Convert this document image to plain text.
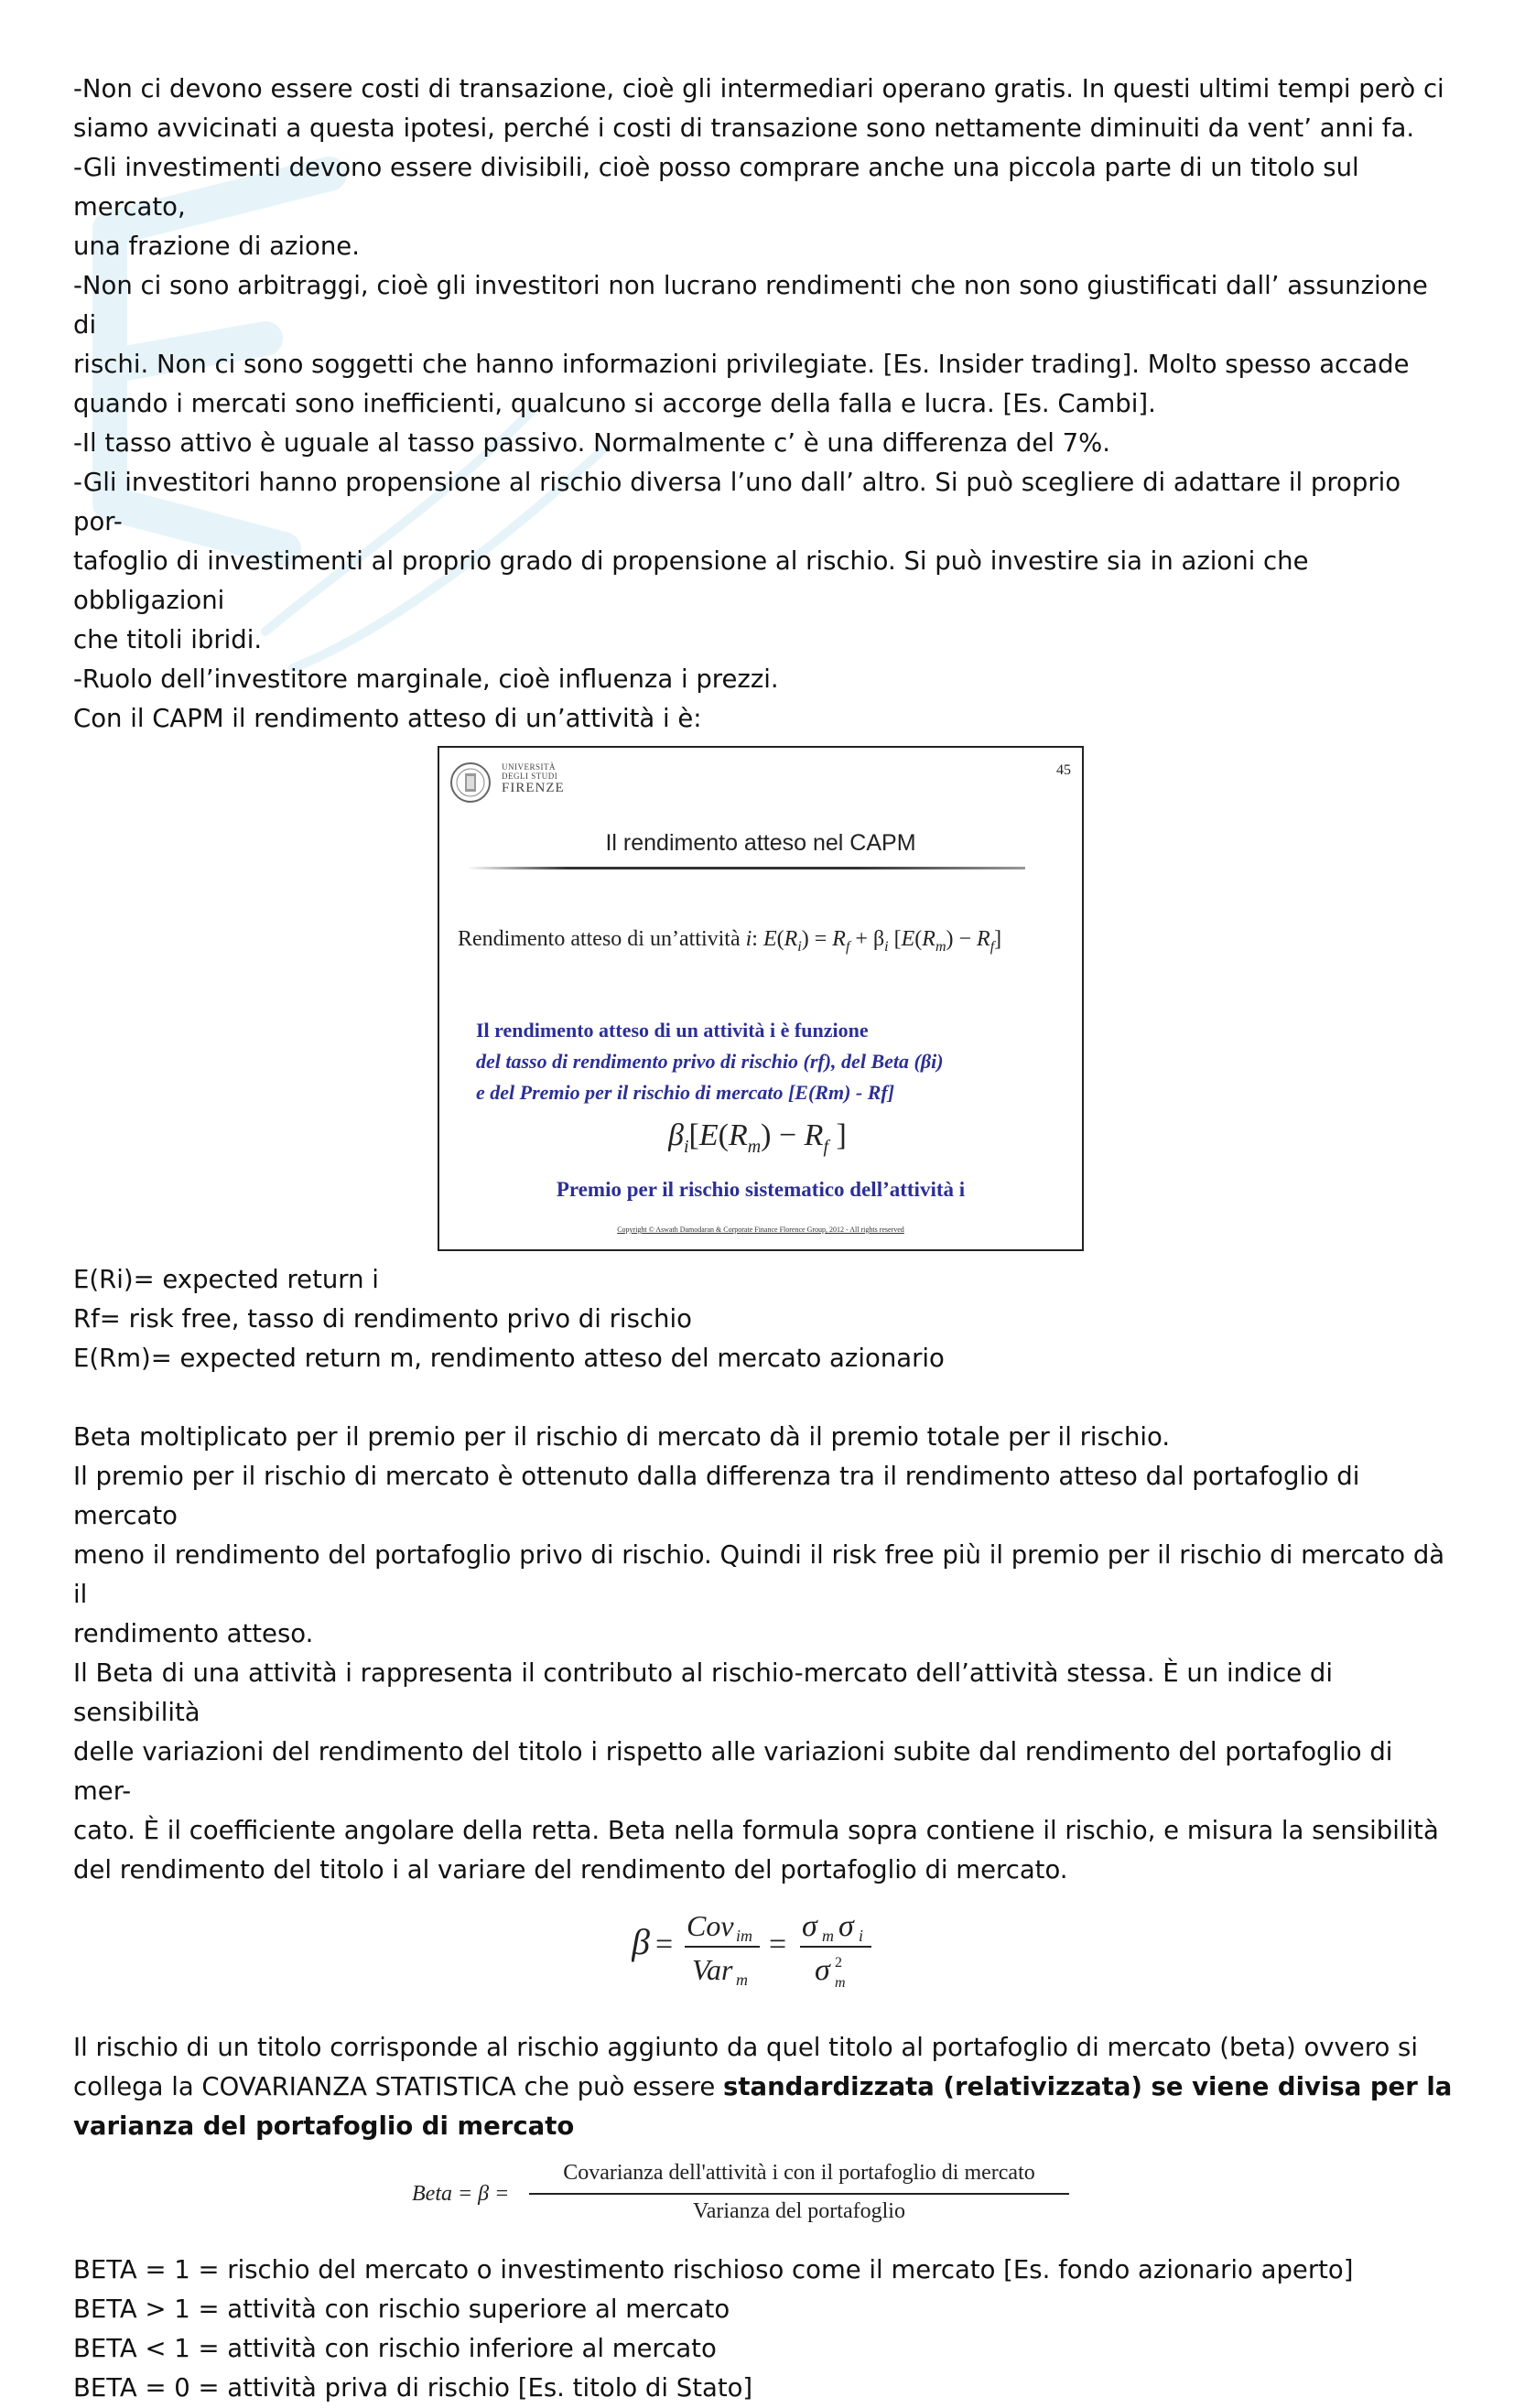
-Non ci devono essere costi di transazione, cioè gli intermediari operano gratis. In questi ultimi tempi però ci

siamo avvicinati a questa ipotesi, perché i costi di transazione sono nettamente diminuiti da vent’ anni fa.

-Gli investimenti devono essere divisibili, cioè posso comprare anche una piccola parte di un titolo sul mercato,

una frazione di azione.

-Non ci sono arbitraggi, cioè gli investitori non lucrano rendimenti che non sono giustificati dall’ assunzione di

rischi. Non ci sono soggetti che hanno informazioni privilegiate. [Es. Insider trading]. Molto spesso accade

quando i mercati sono inefficienti, qualcuno si accorge della falla e lucra. [Es. Cambi].

-Il tasso attivo è uguale al tasso passivo. Normalmente c’ è una differenza del 7%.

-Gli investitori hanno propensione al rischio diversa l’uno dall’ altro. Si può scegliere di adattare il proprio por-

tafoglio di investimenti al proprio grado di propensione al rischio. Si può investire sia in azioni che obbligazioni

che titoli ibridi.

-Ruolo dell’investitore marginale, cioè influenza i prezzi.

Con il CAPM il rendimento atteso di un’attività i è:

UNIVERSITÀ
DEGLI STUDI
FIRENZE
45
Il rendimento atteso nel CAPM
Rendimento atteso di un’attività i: $E(R_i) = R_f + \beta_i$ $[E(R_m) - R_f]$
Il rendimento atteso di un attività i è funzione
del tasso di rendimento privo di rischio (rf), del Beta (βi)
e del Premio per il rischio di mercato [E(Rm) - Rf]
$\beta_i[E(R_m) - R_f$ ]
Premio per il rischio sistematico dell’attività i
Copyright © Aswath Damodaran & Corporate Finance Florence Group, 2012 - All rights reserved

E(Ri)= expected return i

Rf= risk free, tasso di rendimento privo di rischio

E(Rm)= expected return m, rendimento atteso del mercato azionario

Beta moltiplicato per il premio per il rischio di mercato dà il premio totale per il rischio.

Il premio per il rischio di mercato è ottenuto dalla differenza tra il rendimento atteso dal portafoglio di mercato

meno il rendimento del portafoglio privo di rischio. Quindi il risk free più il premio per il rischio di mercato dà il

rendimento atteso.

Il Beta di una attività i rappresenta il contributo al rischio-mercato dell’attività stessa. È un indice di sensibilità

delle variazioni del rendimento del titolo i rispetto alle variazioni subite dal rendimento del portafoglio di mer-

cato. È il coefficiente angolare della retta. Beta nella formula sopra contiene il rischio, e misura la sensibilità

del rendimento del titolo i al variare del rendimento del portafoglio di mercato.

β =
Cov im
Var m
=
σ m σ i
σ 2
m

Il rischio di un titolo corrisponde al rischio aggiunto da quel titolo al portafoglio di mercato (beta) ovvero si

collega la COVARIANZA STATISTICA che può essere standardizzata (relativizzata) se viene divisa per la

varianza del portafoglio di mercato

Beta = β =
Covarianza dell'attività i con il portafoglio di mercato
Varianza del portafoglio

BETA = 1 = rischio del mercato o investimento rischioso come il mercato [Es. fondo azionario aperto]

BETA > 1 = attività con rischio superiore al mercato

BETA < 1 = attività con rischio inferiore al mercato

BETA = 0 = attività priva di rischio [Es. titolo di Stato]
